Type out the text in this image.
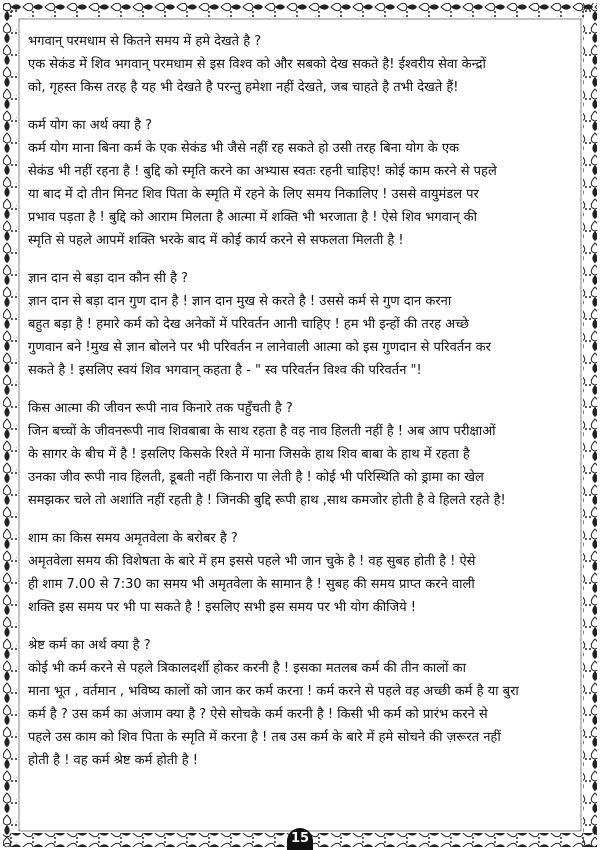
भगवान् परमधाम से कितने समय में हमे देखते है ?

एक सेकंड में शिव भगवान् परमधाम से इस विश्व को और सबको देख सकते है! ईश्वरीय सेवा केन्द्रों
को, गृहस्त किस तरह है यह भी देखते है परन्तु हमेशा नहीं देखते, जब चाहते है तभी देखते हैं!

कर्म योग का अर्थ क्या है ?

कर्म योग माना बिना कर्म के एक सेकंड भी जैसे नहीं रह सकते हो उसी तरह बिना योग के एक
सेकंड भी नहीं रहना है ! बुद्दि को स्मृति करने का अभ्यास स्वतः रहनी चाहिए! कोई काम करने से पहले
या बाद में दो तीन मिनट शिव पिता के स्मृति में रहने के लिए समय निकालिए ! उससे वायुमंडल पर
प्रभाव पड़ता है ! बुद्दि को आराम मिलता है आत्मा में शक्ति भी भरजाता है ! ऐसे शिव भगवान् की
स्मृति से पहले आपमें शक्ति भरके बाद में कोई कार्य करने से सफलता मिलती है !

ज्ञान दान से बड़ा दान कौन सी है ?

ज्ञान दान से बड़ा दान गुण दान है ! ज्ञान दान मुख से करते है ! उससे कर्म से गुण दान करना
बहुत बड़ा है ! हमारे कर्म को देख अनेकों में परिवर्तन आनी चाहिए ! हम भी इन्हों की तरह अच्छे
गुणवान बने !मुख से ज्ञान बोलने पर भी परिवर्तन न लानेवाली आत्मा को इस गुणदान से परिवर्तन कर
सकते है ! इसलिए स्वयं शिव भगवान् कहता है - " स्व परिवर्तन विश्व की परिवर्तन "!

किस आत्मा की जीवन रूपी नाव किनारे तक पहुँचती है ?

जिन बच्चों के जीवनरूपी नाव शिवबाबा के साथ रहता है वह नाव हिलती नहीं है ! अब आप परीक्षाओं
के सागर के बीच में है ! इसलिए किसके रिश्ते में माना जिसके हाथ शिव बाबा के हाथ में रहता है
उनका जीव रूपी नाव हिलती, डूबती नहीं किनारा पा लेती है ! कोई भी परिस्थिति को ड्रामा का खेल
समझकर चले तो अशांति नहीं रहती है ! जिनकी बुद्दि रूपी हाथ ,साथ कमजोर होती है वे हिलते रहते है!

शाम का किस समय अमृतवेला के बरोबर है ?

अमृतवेला समय की विशेषता के बारे में हम इससे पहले भी जान चुके है ! वह सुबह होती है ! ऐसे
ही शाम 7.00 से 7:30 का समय भी अमृतवेला के सामान है ! सुबह की समय प्राप्त करने वाली
शक्ति इस समय पर भी पा सकते है ! इसलिए सभी इस समय पर भी योग कीजिये !

श्रेष्ट कर्म का अर्थ क्या है ?

कोई भी कर्म करने से पहले त्रिकालदर्शी होकर करनी है ! इसका मतलब कर्म की तीन कालों का
माना भूत , वर्तमान , भविष्य कालों को जान कर कर्म करना ! कर्म करने से पहले वह अच्छी कर्म है या बुरा
कर्म है ? उस कर्म का अंजाम क्या है ? ऐसे सोचके कर्म करनी है ! किसी भी कर्म को प्रारंभ करने से
पहले उस काम को शिव पिता के स्मृति में करना है ! तब उस कर्म के बारे में हमे सोचने की ज़रूरत नहीं
होती है ! वह कर्म श्रेष्ट कर्म होती है !
15
